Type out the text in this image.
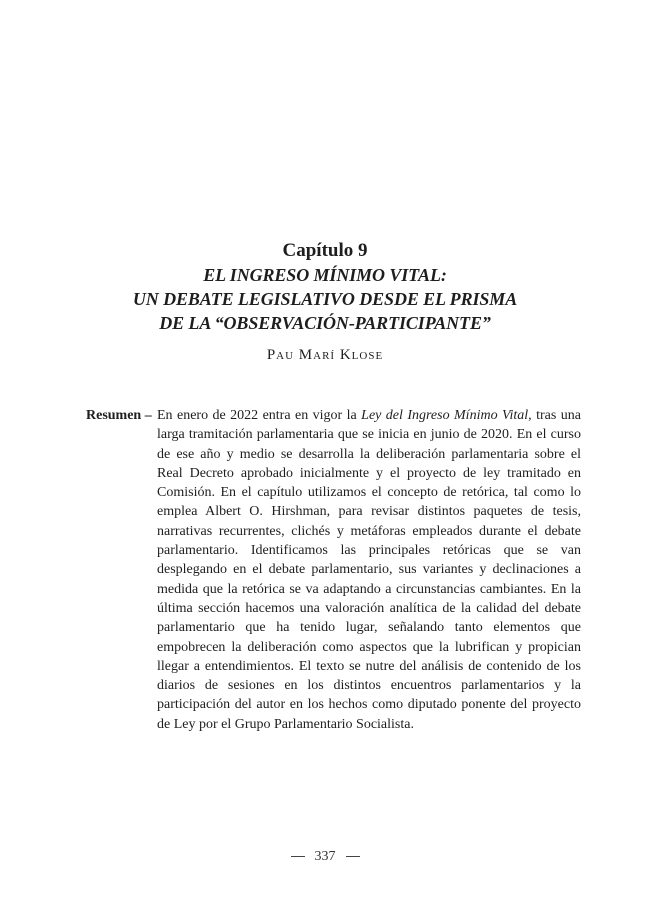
Capítulo 9
EL INGRESO MÍNIMO VITAL:
UN DEBATE LEGISLATIVO DESDE EL PRISMA
DE LA “OBSERVACIÓN-PARTICIPANTE”
Pau Marí Klose
Resumen – En enero de 2022 entra en vigor la Ley del Ingreso Mínimo Vital, tras una larga tramitación parlamentaria que se inicia en junio de 2020. En el curso de ese año y medio se desarrolla la deliberación parlamentaria sobre el Real Decreto aprobado inicialmente y el proyecto de ley tramitado en Comisión. En el capítulo utilizamos el concepto de retórica, tal como lo emplea Albert O. Hirshman, para revisar distintos paquetes de tesis, narrativas recurrentes, clichés y metáforas empleados durante el debate parlamentario. Identificamos las principales retóricas que se van desplegando en el debate parlamentario, sus variantes y declinaciones a medida que la retórica se va adaptando a circunstancias cambiantes. En la última sección hacemos una valoración analítica de la calidad del debate parlamentario que ha tenido lugar, señalando tanto elementos que empobrecen la deliberación como aspectos que la lubrifican y propician llegar a entendimientos. El texto se nutre del análisis de contenido de los diarios de sesiones en los distintos encuentros parlamentarios y la participación del autor en los hechos como diputado ponente del proyecto de Ley por el Grupo Parlamentario Socialista.
337
